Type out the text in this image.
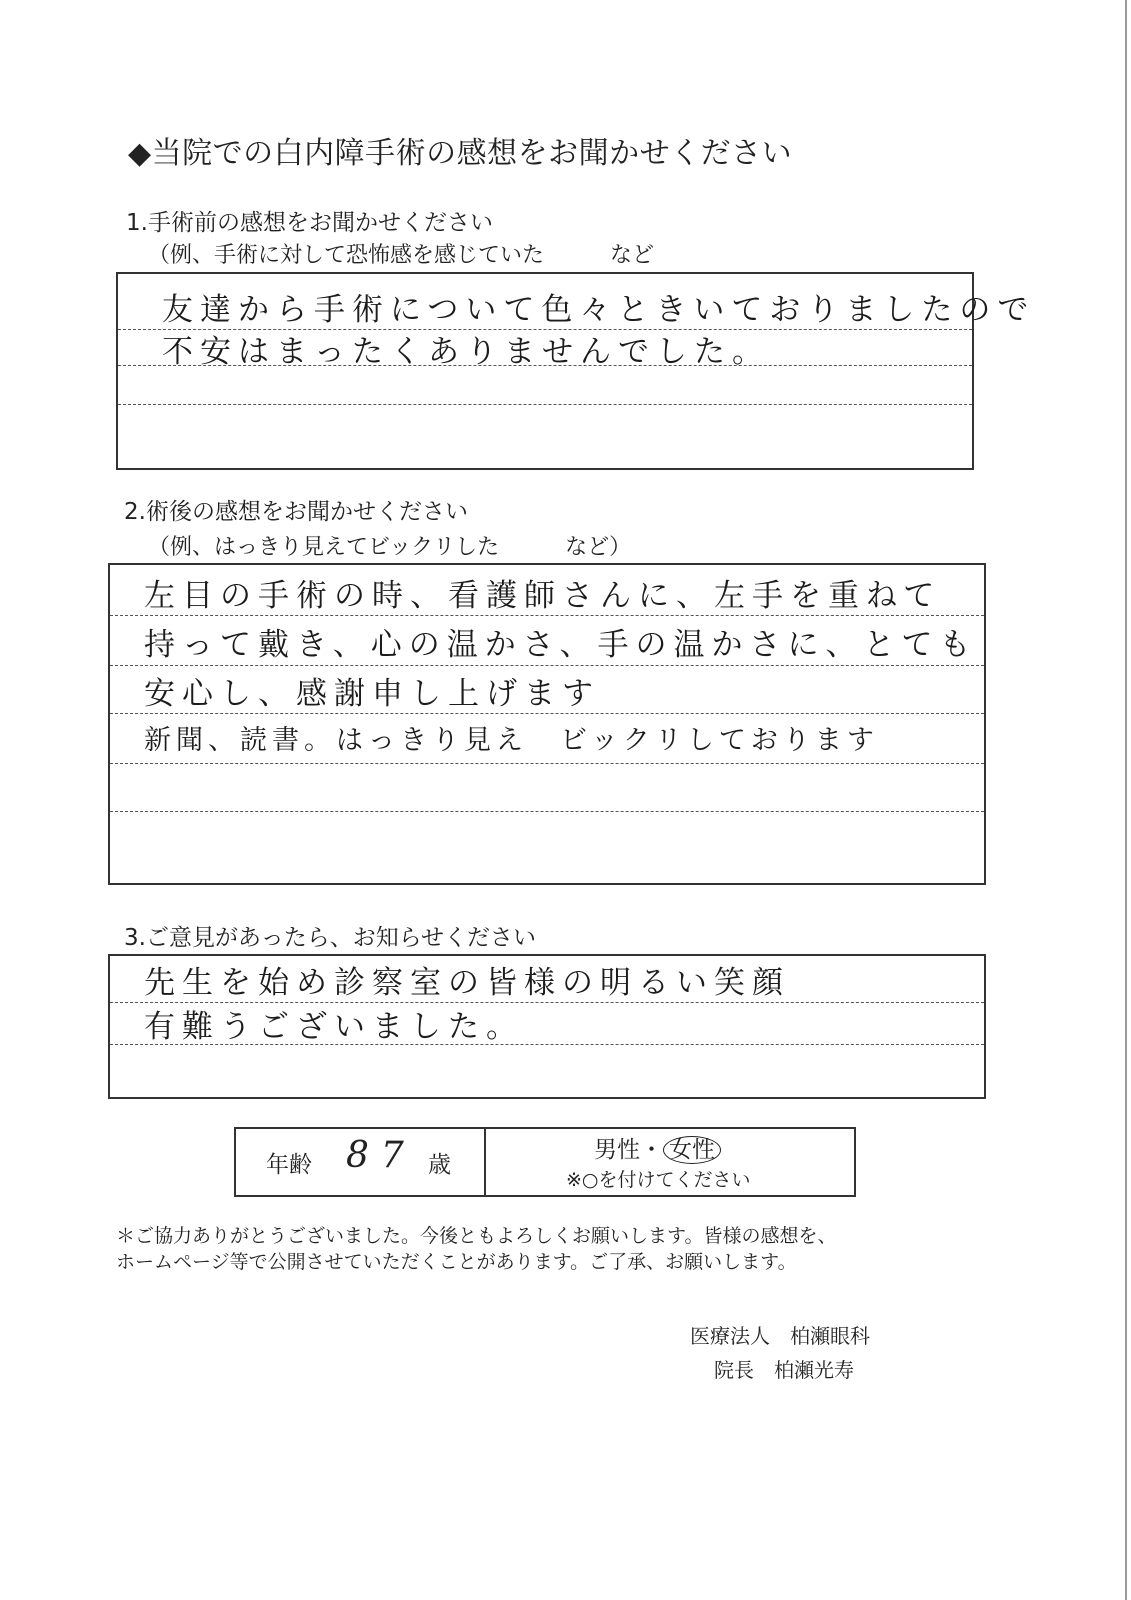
◆当院での白内障手術の感想をお聞かせください
1.手術前の感想をお聞かせください
（例、手術に対して恐怖感を感じていた　　　など
友達から手術について色々ときいておりましたので
不安はまったくありませんでした。
2.術後の感想をお聞かせください
（例、はっきり見えてビックリした　　　など）
左目の手術の時、看護師さんに、左手を重ねて
持って戴き、心の温かさ、手の温かさに、とても
安心し、感謝申し上げます
新聞、読書。はっきり見え　ビックリしております
3.ご意見があったら、お知らせください
先生を始め診察室の皆様の明るい笑顔
有難うございました。
年齢 87 歳
男性・ 女性
※○を付けてください
＊ご協力ありがとうございました。今後ともよろしくお願いします。皆様の感想を、
ホームページ等で公開させていただくことがあります。ご了承、お願いします。
医療法人　柏瀬眼科
院長　柏瀬光寿
